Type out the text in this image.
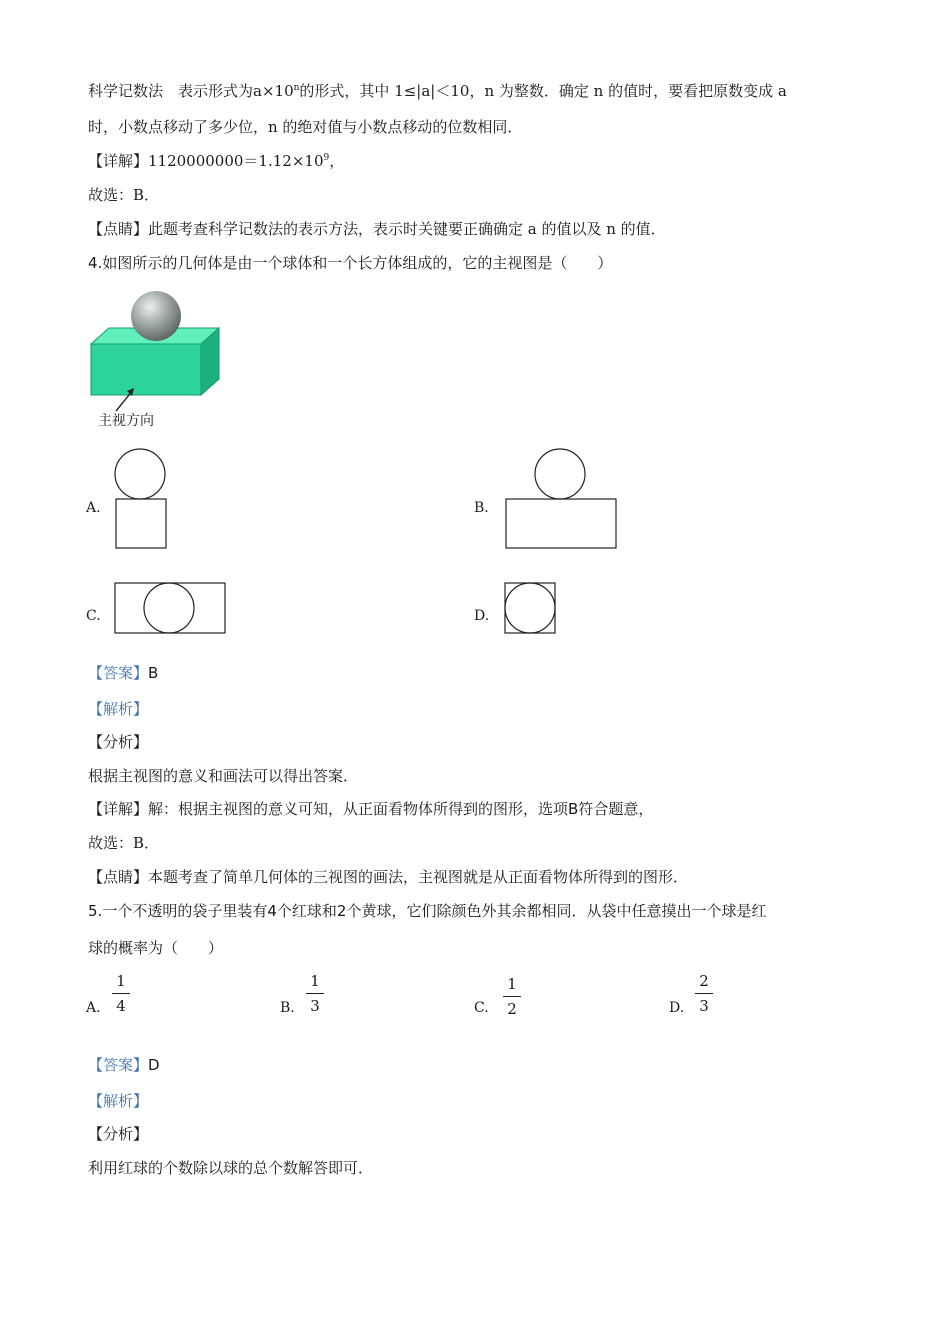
科学记数法　表示形式为$a\times 10^n$的形式，其中 1≤|a|＜10，n 为整数．确定 n 的值时，要看把原数变成 a
时，小数点移动了多少位，n 的绝对值与小数点移动的位数相同．
【详解】$1120000000=1.12\times 10^9$，
故选：B．
【点睛】此题考查科学记数法的表示方法，表示时关键要正确确定 a 的值以及 n 的值．
4.如图所示的几何体是由一个球体和一个长方体组成的，它的主视图是（　　）
主视方向
A.	B.
C.	D.
【答案】B
【解析】
【分析】
根据主视图的意义和画法可以得出答案．
【详解】解：根据主视图的意义可知，从正面看物体所得到的图形，选项B符合题意，
故选：B．
【点睛】本题考查了简单几何体的三视图的画法，主视图就是从正面看物体所得到的图形．
5.一个不透明的袋子里装有4个红球和2个黄球，它们除颜色外其余都相同．从袋中任意摸出一个球是红
球的概率为（　　）
A.
1
4	B.
1
3	C.
1
2	D.
2
3
【答案】D
【解析】
【分析】
利用红球的个数除以球的总个数解答即可．
